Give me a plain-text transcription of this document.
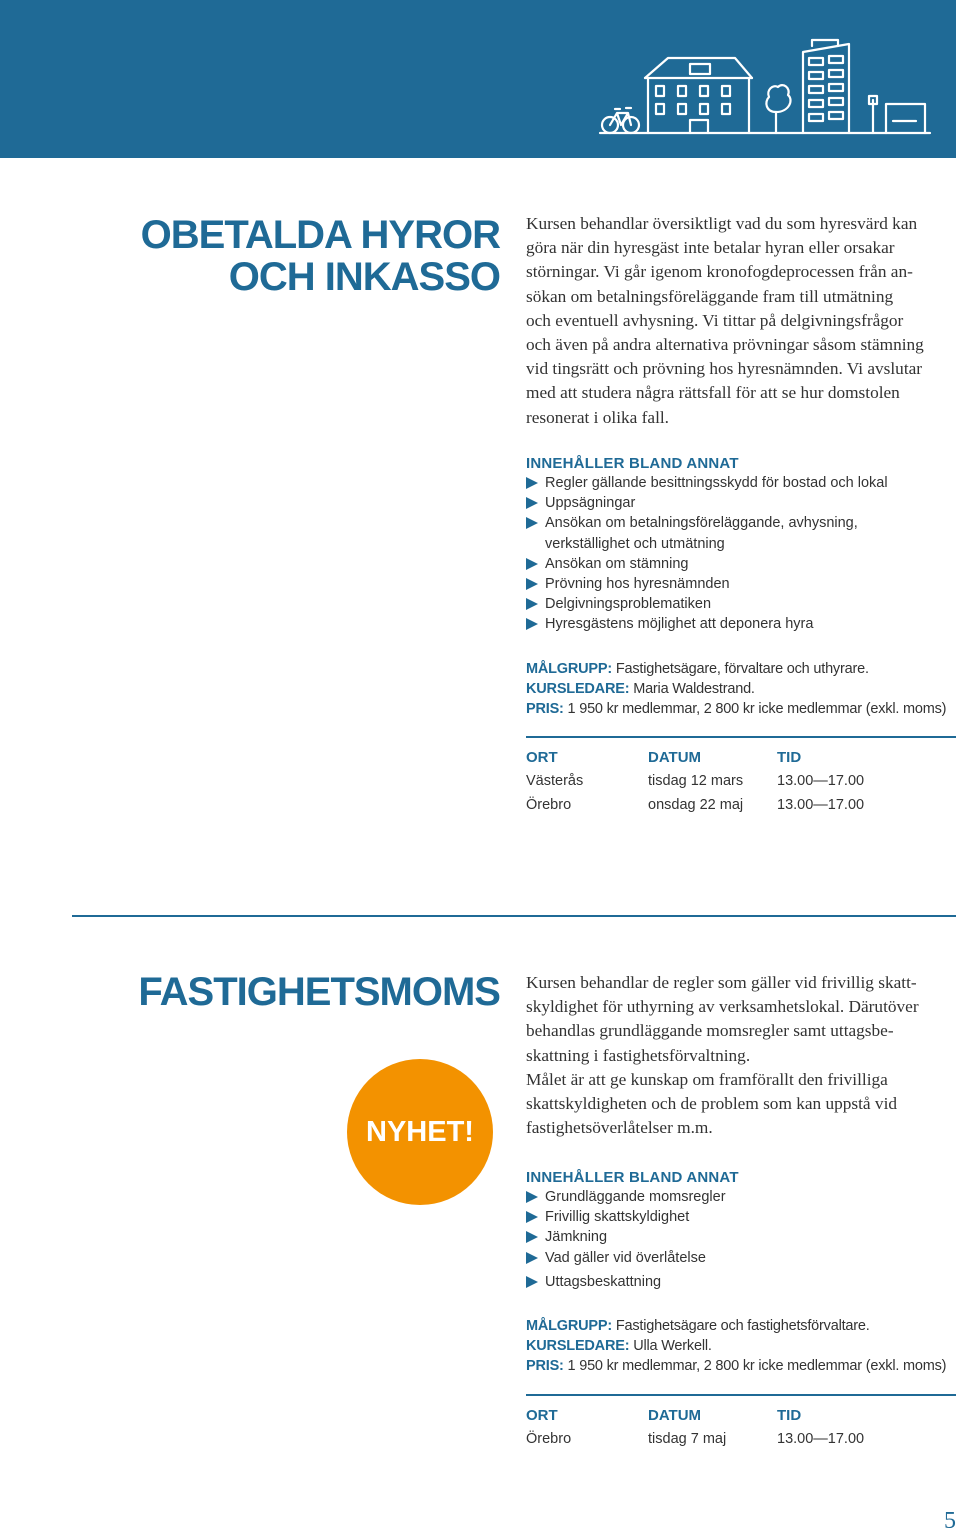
OBETALDA HYROR
OCH INKASSO
Kursen behandlar översiktligt vad du som hyresvärd kan
göra när din hyresgäst inte betalar hyran eller orsakar
störningar. Vi går igenom kronofogdeprocessen från an-
sökan om betalningsföreläggande fram till utmätning
och eventuell avhysning. Vi tittar på delgivningsfrågor
och även på andra alternativa prövningar såsom stämning
vid tingsrätt och prövning hos hyresnämnden. Vi avslutar
med att studera några rättsfall för att se hur domstolen
resonerat i olika fall.

INNEHÅLLER BLAND ANNAT

Regler gällande besittningsskydd för bostad och lokal
Uppsägningar
Ansökan om betalningsföreläggande, avhysning,
verkställighet och utmätning
Ansökan om stämning
Prövning hos hyresnämnden
Delgivningsproblematiken
Hyresgästens möjlighet att deponera hyra
MÅLGRUPP: Fastighetsägare, förvaltare och uthyrare.
KURSLEDARE: Maria Waldestrand.
PRIS: 1 950 kr medlemmar, 2 800 kr icke medlemmar (exkl. moms)
ORT	DATUM	TID
Västerås	tisdag 12 mars	13.00—17.00
Örebro	onsdag 22 maj	13.00—17.00
FASTIGHETSMOMS
NYHET!
Kursen behandlar de regler som gäller vid frivillig skatt-
skyldighet för uthyrning av verksamhetslokal. Därutöver
behandlas grundläggande momsregler samt uttagsbe-
skattning i fastighetsförvaltning.
Målet är att ge kunskap om framförallt den frivilliga
skattskyldigheten och de problem som kan uppstå vid
fastighetsöverlåtelser m.m.

INNEHÅLLER BLAND ANNAT

Grundläggande momsregler
Frivillig skattskyldighet
Jämkning
Vad gäller vid överlåtelse
Uttagsbeskattning
MÅLGRUPP: Fastighetsägare och fastighetsförvaltare.
KURSLEDARE: Ulla Werkell.
PRIS: 1 950 kr medlemmar, 2 800 kr icke medlemmar (exkl. moms)
ORT	DATUM	TID
Örebro	tisdag 7 maj	13.00—17.00
5
